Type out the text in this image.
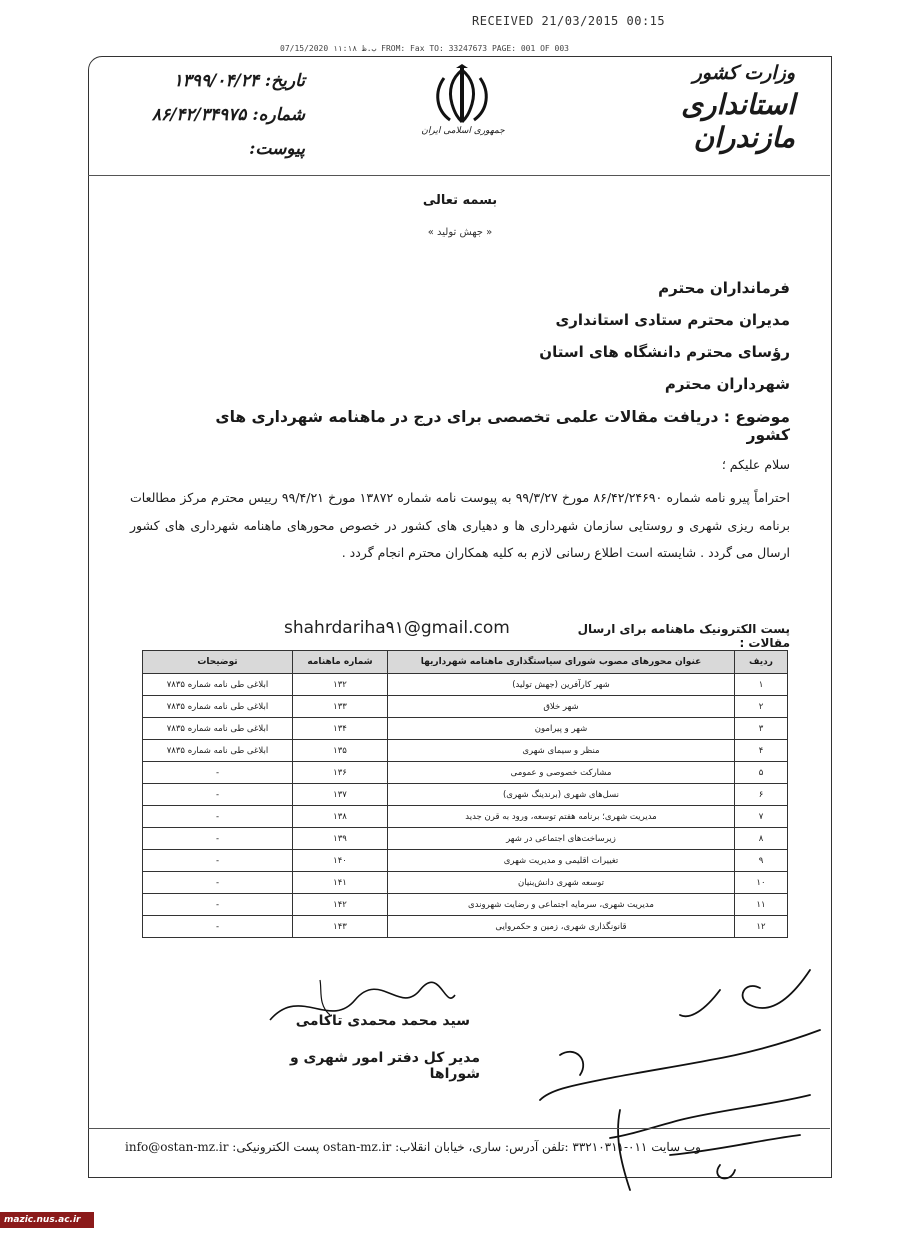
RECEIVED 21/03/2015 00:15
07/15/2020 ب.ظ ١١:١٨ FROM: Fax TO: 33247673 PAGE: 001 OF 003
تاریخ: ۱۳۹۹/۰۴/۲۴
شماره: ۸۶/۴۲/۳۴۹۷۵
پیوست:
جمهوری اسلامی ایران
وزارت کشور
استانداری مازندران
بسمه تعالی
« جهش تولید »
فرمانداران محترم
مدیران محترم ستادی استانداری
رؤسای محترم دانشگاه های استان
شهرداران محترم
موضوع : دریافت مقالات علمی تخصصی برای درج در ماهنامه شهرداری های کشور
سلام علیکم ؛
احتراماً پیرو نامه شماره ۸۶/۴۲/۲۴۶۹۰ مورخ ۹۹/۳/۲۷ به پیوست نامه شماره ۱۳۸۷۲ مورخ ۹۹/۴/۲۱ رییس محترم مرکز مطالعات برنامه ریزی شهری و روستایی سازمان شهرداری ها و دهیاری های کشور در خصوص محورهای ماهنامه شهرداری های کشور ارسال می گردد . شایسته است اطلاع رسانی لازم به کلیه همکاران محترم انجام گردد .
پست الکترونیک ماهنامه برای ارسال مقالات :
shahrdariha۹۱@gmail.com
ردیف	عنوان محورهای مصوب شورای سیاستگذاری ماهنامه شهرداریها	شماره ماهنامه	توضیحات
۱	شهر کارآفرین (جهش تولید)	۱۳۲	ابلاغی طی نامه شماره ۷۸۳۵
۲	شهر خلاق	۱۳۳	ابلاغی طی نامه شماره ۷۸۳۵
۳	شهر و پیرامون	۱۳۴	ابلاغی طی نامه شماره ۷۸۳۵
۴	منظر و سیمای شهری	۱۳۵	ابلاغی طی نامه شماره ۷۸۳۵
۵	مشارکت خصوصی و عمومی	۱۳۶	-
۶	نسل‌های شهری (برندینگ شهری)	۱۳۷	-
۷	مدیریت شهری؛ برنامه هفتم توسعه، ورود به قرن جدید	۱۳۸	-
۸	زیرساخت‌های اجتماعی در شهر	۱۳۹	-
۹	تغییرات اقلیمی و مدیریت شهری	۱۴۰	-
۱۰	توسعه شهری دانش‌بنیان	۱۴۱	-
۱۱	مدیریت شهری، سرمایه اجتماعی و رضایت شهروندی	۱۴۲	-
۱۲	قانونگذاری شهری، زمین و حکمروایی	۱۴۳	-
سید محمد محمدی تاکامی
مدیر کل دفتر امور شهری و شوراها
info@ostan-mz.ir :پست الکترونیکی ostan-mz.ir :وب سایت ۰۱۱-۳۳۲۱۰۳۱۱ :تلفن آدرس: ساری، خیابان انقلاب
mazic.nus.ac.ir
